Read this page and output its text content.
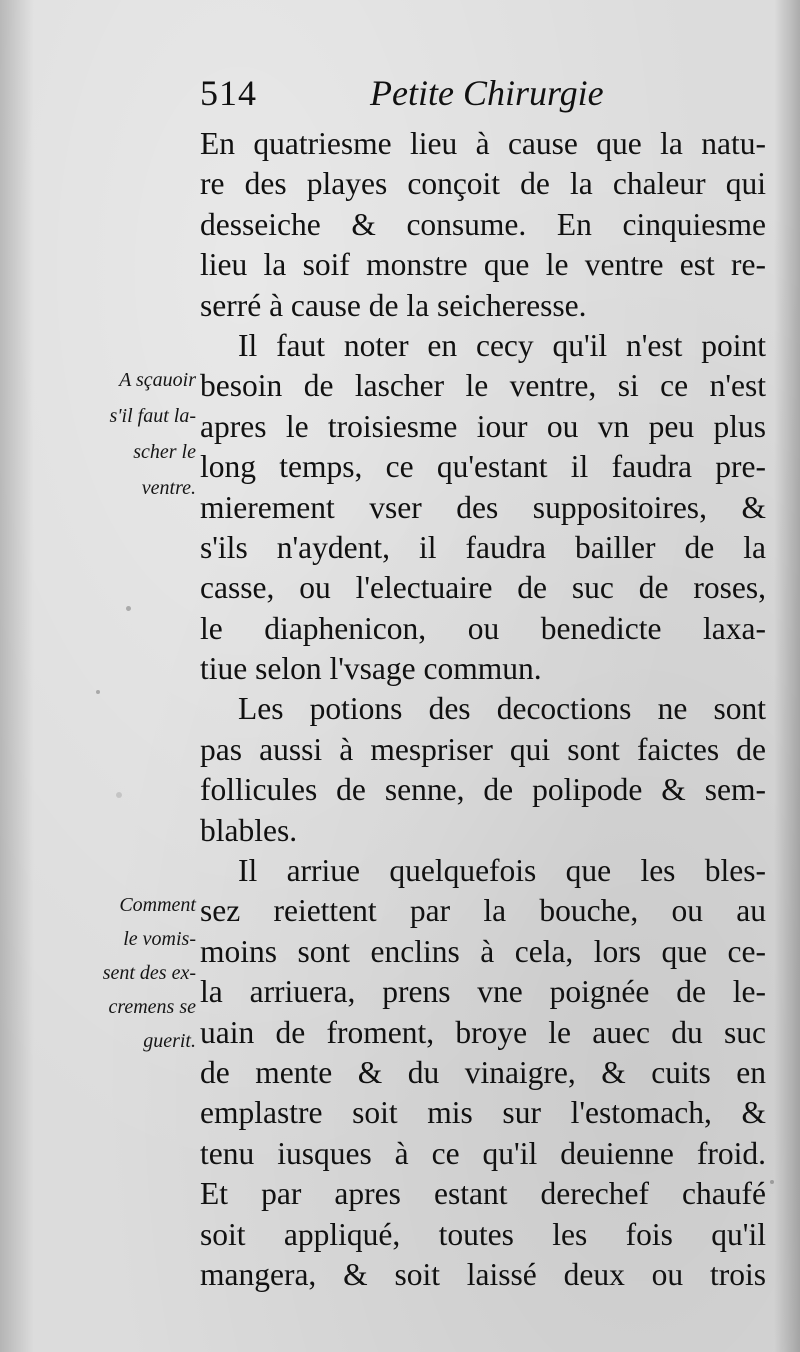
514	Petite Chirurgie
En quatriesme lieu à cause que la natu-
re des playes conçoit de la chaleur qui
desseiche & consume. En cinquiesme
lieu la soif monstre que le ventre est re-
serré à cause de la seicheresse.
Il faut noter en cecy qu'il n'est point
besoin de lascher le ventre, si ce n'est
apres le troisiesme iour ou vn peu plus
long temps, ce qu'estant il faudra pre-
mierement vser des suppositoires, &
s'ils n'aydent, il faudra bailler de la
casse, ou l'electuaire de suc de roses,
le diaphenicon, ou benedicte laxa-
tiue selon l'vsage commun.
Les potions des decoctions ne sont
pas aussi à mespriser qui sont faictes de
follicules de senne, de polipode & sem-
blables.
Il arriue quelquefois que les bles-
sez reiettent par la bouche, ou au
moins sont enclins à cela, lors que ce-
la arriuera, prens vne poignée de le-
uain de froment, broye le auec du suc
de mente & du vinaigre, & cuits en
emplastre soit mis sur l'estomach, &
tenu iusques à ce qu'il deuienne froid.
Et par apres estant derechef chaufé
soit appliqué, toutes les fois qu'il
mangera, & soit laissé deux ou trois
A sçauoir
s'il faut la-
scher le
ventre.
Comment
le vomis-
sent des ex-
cremens se
guerit.
